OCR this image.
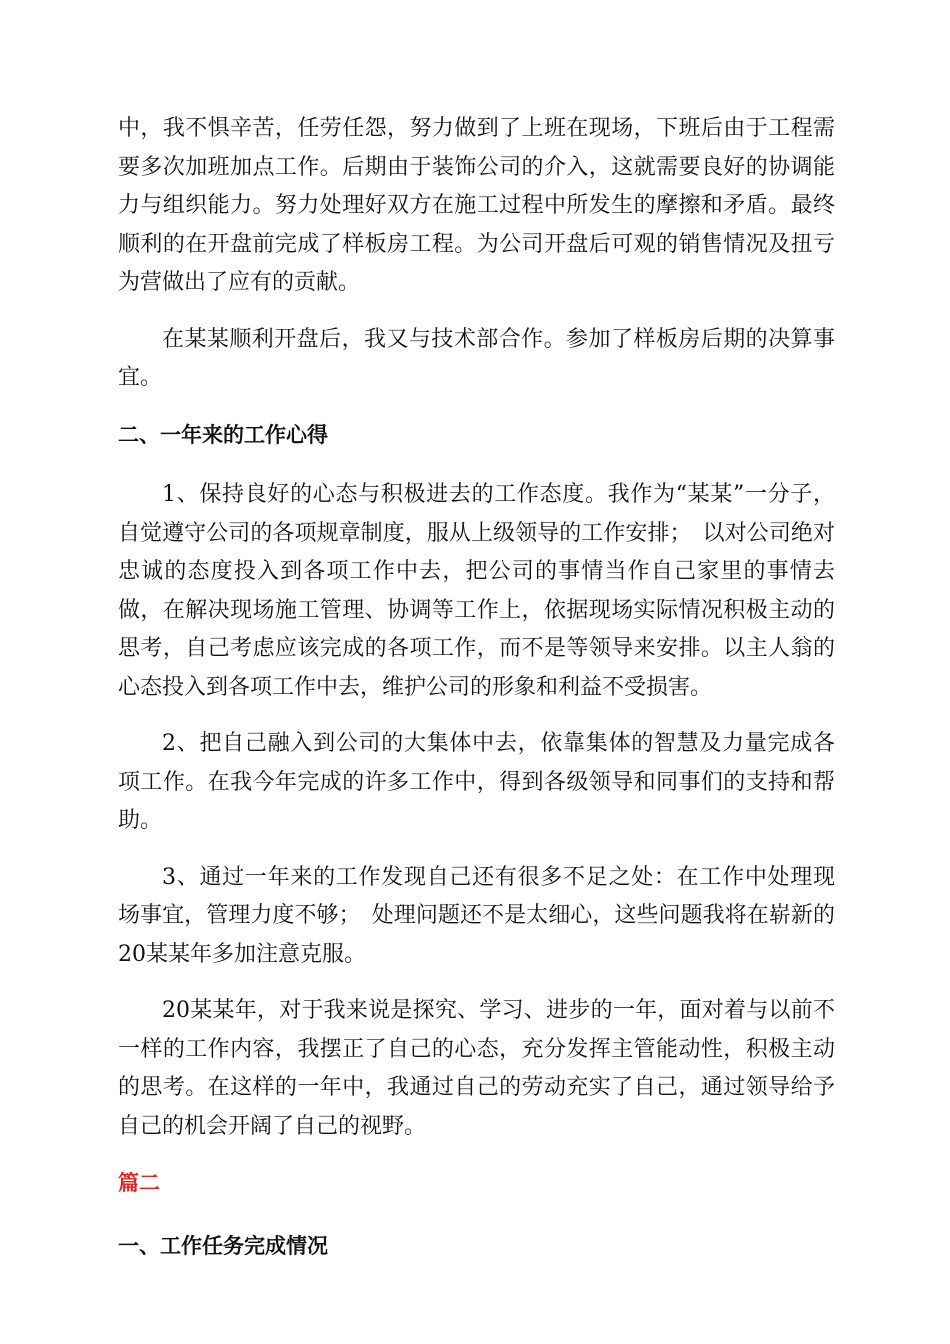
中，我不惧辛苦，任劳任怨，努力做到了上班在现场，下班后由于工程需要多次加班加点工作。后期由于装饰公司的介入，这就需要良好的协调能力与组织能力。努力处理好双方在施工过程中所发生的摩擦和矛盾。最终顺利的在开盘前完成了样板房工程。为公司开盘后可观的销售情况及扭亏为营做出了应有的贡献。

在某某顺利开盘后，我又与技术部合作。参加了样板房后期的决算事宜。

二、一年来的工作心得

1、保持良好的心态与积极进去的工作态度。我作为“某某”一分子，自觉遵守公司的各项规章制度，服从上级领导的工作安排；　以对公司绝对忠诚的态度投入到各项工作中去，把公司的事情当作自己家里的事情去做，在解决现场施工管理、协调等工作上，依据现场实际情况积极主动的思考，自己考虑应该完成的各项工作，而不是等领导来安排。以主人翁的心态投入到各项工作中去，维护公司的形象和利益不受损害。

2、把自己融入到公司的大集体中去，依靠集体的智慧及力量完成各项工作。在我今年完成的许多工作中，得到各级领导和同事们的支持和帮助。

3、通过一年来的工作发现自己还有很多不足之处：在工作中处理现场事宜，管理力度不够；　处理问题还不是太细心，这些问题我将在崭新的20某某年多加注意克服。

20某某年，对于我来说是探究、学习、进步的一年，面对着与以前不一样的工作内容，我摆正了自己的心态，充分发挥主管能动性，积极主动的思考。在这样的一年中，我通过自己的劳动充实了自己，通过领导给予自己的机会开阔了自己的视野。

篇二

一、工作任务完成情况
